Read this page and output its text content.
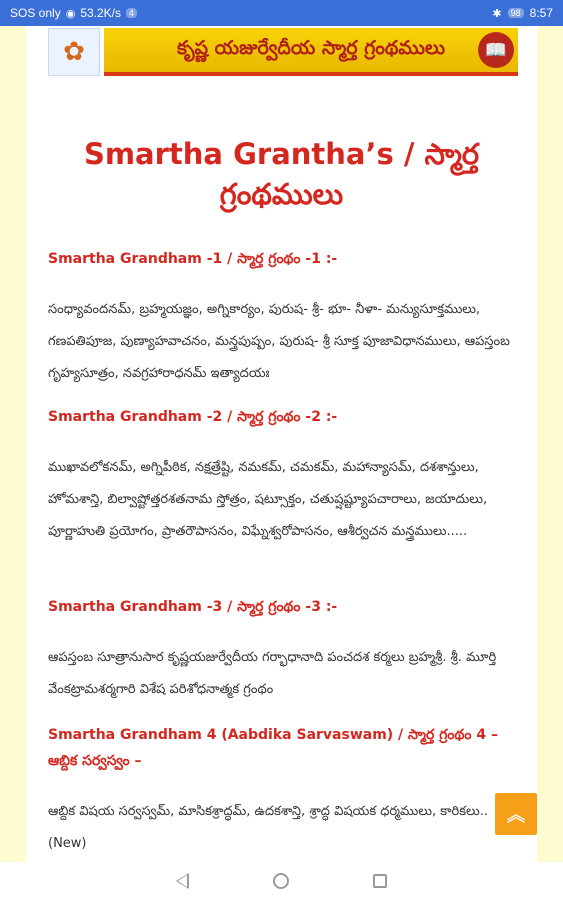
SOS only ◉ 53.2K/s 4	✱	98 8:57
✿	కృష్ణ యజుర్వేదీయ స్మార్త గ్రంథములు	📖
Smartha Grantha’s / స్మార్త గ్రంథములు
Smartha Grandham -1 / స్మార్త గ్రంథం -1 :-
సంధ్యావందనమ్, బ్రహ్మయజ్ఞం, అగ్నికార్యం, పురుష- శ్రీ- భూ- నీళా- మన్యుసూక్తములు, గణపతిపూజ, పుణ్యాహవాచనం, మన్త్రపుష్పం, పురుష- శ్రీ సూక్త పూజావిధానములు, ఆపస్తంబ గృహ్యసూత్రం, నవగ్రహారాధనమ్ ఇత్యాదయః
Smartha Grandham -2 / స్మార్త గ్రంథం -2 :-
ముఖావలోకనమ్, అగ్నిపీఠిక, నక్షత్రేష్టి, నమకమ్, చమకమ్, మహాన్యాసమ్, దశశాన్తులు, హోమశాన్తి, బిల్వాష్టోత్తరశతనామ స్తోత్రం, షట్సూక్తం, చతుష్షష్ట్యూపచారాలు, జయాదులు, పూర్ణాహుతి ప్రయోగం, ప్రాతరౌపాసనం, విఘ్నేశ్వరోపాసనం, ఆశీర్వచన మన్త్రములు.....
Smartha Grandham -3 / స్మార్త గ్రంథం -3 :-
ఆపస్తంబ సూత్రానుసార కృష్ణయజుర్వేదీయ గర్భాధానాది పంచదశ కర్మలు బ్రహ్మశ్రీ. శ్రీ. మూర్తి వేంకట్రామశర్మగారి విశేష పరిశోధనాత్మక గ్రంథం
Smartha Grandham 4 (Aabdika Sarvaswam) / స్మార్త గ్రంథం 4 – ఆబ్దిక సర్వస్వం –
ఆబ్దిక విషయ సర్వస్వమ్, మాసికశ్రాద్ధమ్, ఉదకశాన్తి, శ్రాద్ధ విషయక ధర్మములు, కారికలు..(New)
︽
